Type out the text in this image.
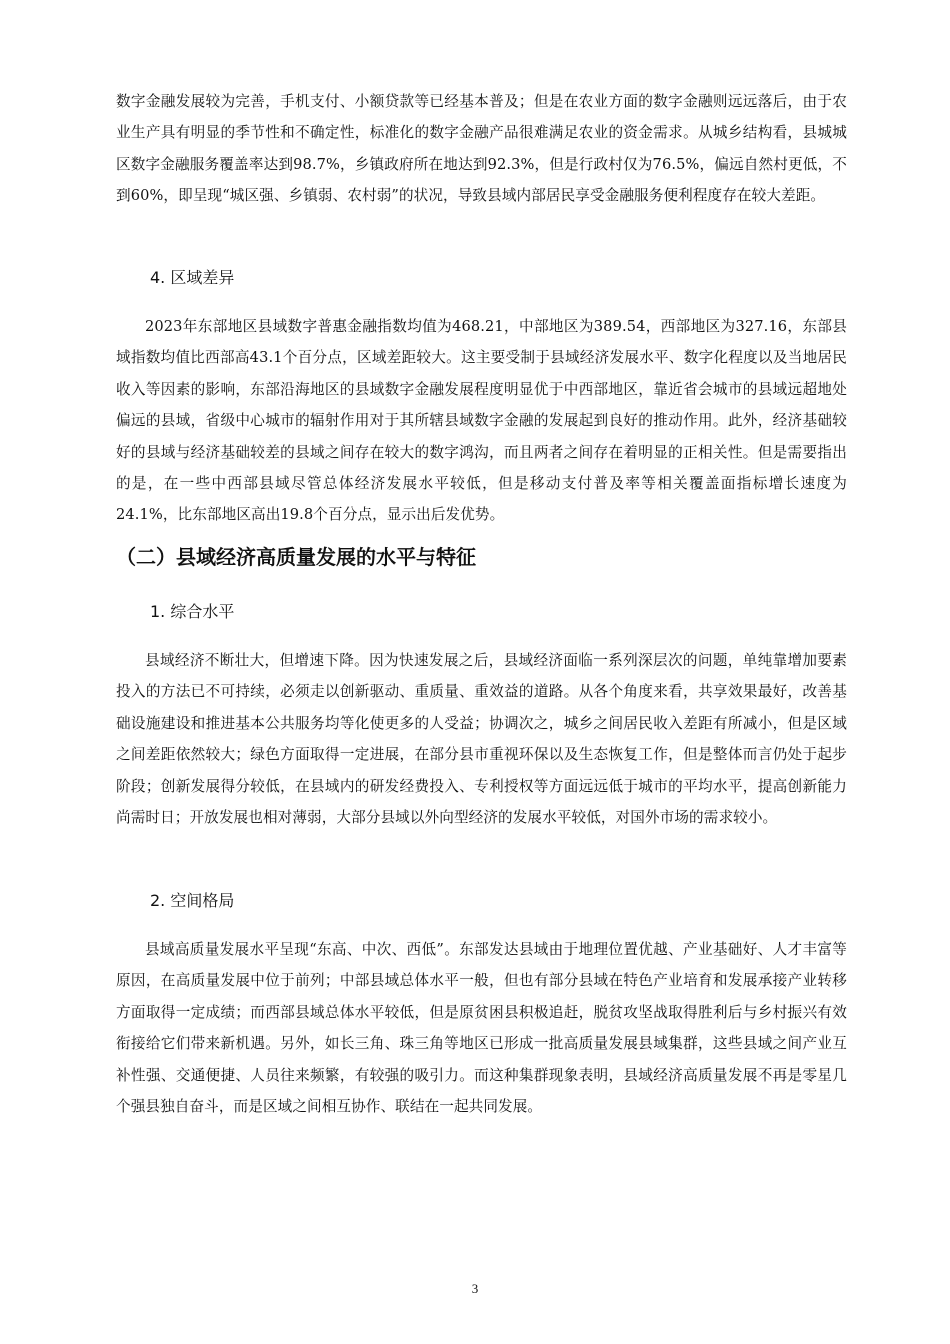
数字金融发展较为完善，手机支付、小额贷款等已经基本普及；但是在农业方面的数字金融则远远落后，由于农业生产具有明显的季节性和不确定性，标准化的数字金融产品很难满足农业的资金需求。从城乡结构看，县城城区数字金融服务覆盖率达到98.7%，乡镇政府所在地达到92.3%，但是行政村仅为76.5%，偏远自然村更低，不到60%，即呈现“城区强、乡镇弱、农村弱”的状况，导致县域内部居民享受金融服务便利程度存在较大差距。

4. 区域差异

2023年东部地区县域数字普惠金融指数均值为468.21，中部地区为389.54，西部地区为327.16，东部县域指数均值比西部高43.1个百分点，区域差距较大。这主要受制于县域经济发展水平、数字化程度以及当地居民收入等因素的影响，东部沿海地区的县域数字金融发展程度明显优于中西部地区，靠近省会城市的县域远超地处偏远的县域，省级中心城市的辐射作用对于其所辖县域数字金融的发展起到良好的推动作用。此外，经济基础较好的县域与经济基础较差的县域之间存在较大的数字鸿沟，而且两者之间存在着明显的正相关性。但是需要指出的是，在一些中西部县域尽管总体经济发展水平较低，但是移动支付普及率等相关覆盖面指标增长速度为24.1%，比东部地区高出19.8个百分点，显示出后发优势。

（二）县域经济高质量发展的水平与特征
1. 综合水平

县域经济不断壮大，但增速下降。因为快速发展之后，县域经济面临一系列深层次的问题，单纯靠增加要素投入的方法已不可持续，必须走以创新驱动、重质量、重效益的道路。从各个角度来看，共享效果最好，改善基础设施建设和推进基本公共服务均等化使更多的人受益；协调次之，城乡之间居民收入差距有所减小，但是区域之间差距依然较大；绿色方面取得一定进展，在部分县市重视环保以及生态恢复工作，但是整体而言仍处于起步阶段；创新发展得分较低，在县域内的研发经费投入、专利授权等方面远远低于城市的平均水平，提高创新能力尚需时日；开放发展也相对薄弱，大部分县域以外向型经济的发展水平较低，对国外市场的需求较小。

2. 空间格局

县域高质量发展水平呈现“东高、中次、西低”。东部发达县域由于地理位置优越、产业基础好、人才丰富等原因，在高质量发展中位于前列；中部县域总体水平一般，但也有部分县域在特色产业培育和发展承接产业转移方面取得一定成绩；而西部县域总体水平较低，但是原贫困县积极追赶，脱贫攻坚战取得胜利后与乡村振兴有效衔接给它们带来新机遇。另外，如长三角、珠三角等地区已形成一批高质量发展县域集群，这些县域之间产业互补性强、交通便捷、人员往来频繁，有较强的吸引力。而这种集群现象表明，县域经济高质量发展不再是零星几个强县独自奋斗，而是区域之间相互协作、联结在一起共同发展。

3
